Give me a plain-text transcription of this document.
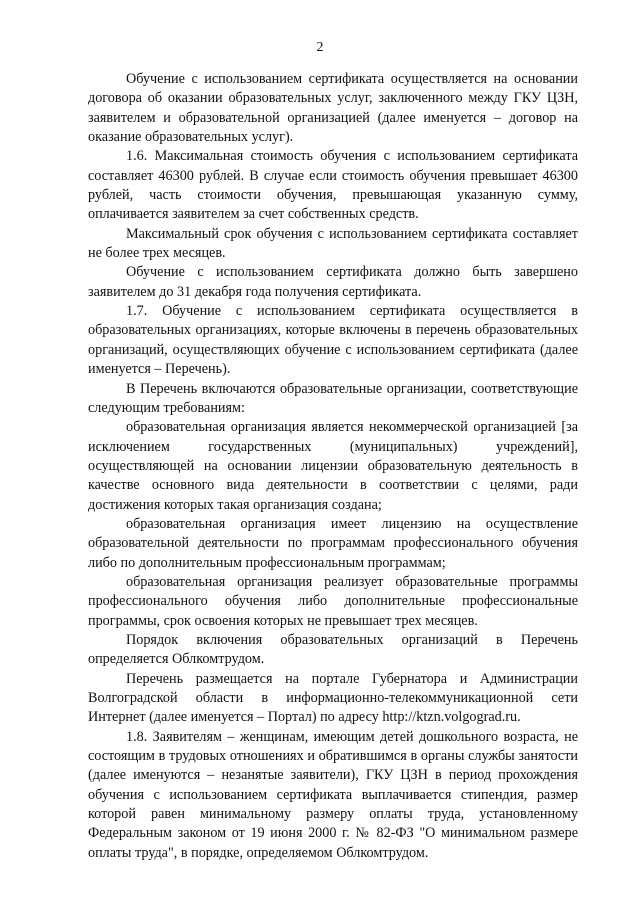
2

Обучение с использованием сертификата осуществляется на основании договора об оказании образовательных услуг, заключенного между ГКУ ЦЗН, заявителем и образовательной организацией (далее именуется – договор на оказание образовательных услуг).

1.6. Максимальная стоимость обучения с использованием сертификата составляет 46300 рублей. В случае если стоимость обучения превышает 46300 рублей, часть стоимости обучения, превышающая указанную сумму, оплачивается заявителем за счет собственных средств.

Максимальный срок обучения с использованием сертификата составляет не более трех месяцев.

Обучение с использованием сертификата должно быть завершено заявителем до 31 декабря года получения сертификата.

1.7. Обучение с использованием сертификата осуществляется в образовательных организациях, которые включены в перечень образовательных организаций, осуществляющих обучение с использованием сертификата (далее именуется – Перечень).

В Перечень включаются образовательные организации, соответствующие следующим требованиям:

образовательная организация является некоммерческой организацией [за исключением государственных (муниципальных) учреждений], осуществляющей на основании лицензии образовательную деятельность в качестве основного вида деятельности в соответствии с целями, ради достижения которых такая организация создана;

образовательная организация имеет лицензию на осуществление образовательной деятельности по программам профессионального обучения либо по дополнительным профессиональным программам;

образовательная организация реализует образовательные программы профессионального обучения либо дополнительные профессиональные программы, срок освоения которых не превышает трех месяцев.

Порядок включения образовательных организаций в Перечень определяется Облкомтрудом.

Перечень размещается на портале Губернатора и Администрации Волгоградской области в информационно-телекоммуникационной сети Интернет (далее именуется – Портал) по адресу http://ktzn.volgograd.ru.

1.8. Заявителям – женщинам, имеющим детей дошкольного возраста, не состоящим в трудовых отношениях и обратившимся в органы службы занятости (далее именуются – незанятые заявители), ГКУ ЦЗН в период прохождения обучения с использованием сертификата выплачивается стипендия, размер которой равен минимальному размеру оплаты труда, установленному Федеральным законом от 19 июня 2000 г. № 82-ФЗ "О минимальном размере оплаты труда", в порядке, определяемом Облкомтрудом.
